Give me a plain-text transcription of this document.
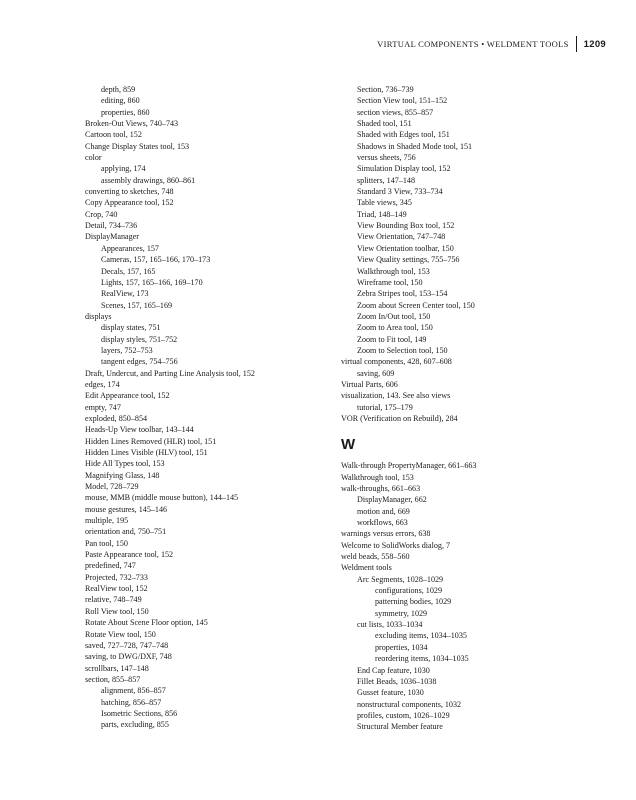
VIRTUAL COMPONENTS • WELDMENT TOOLS 1209
depth, 859
editing, 860
properties, 860
Broken-Out Views, 740–743
Cartoon tool, 152
Change Display States tool, 153
color
applying, 174
assembly drawings, 860–861
converting to sketches, 748
Copy Appearance tool, 152
Crop, 740
Detail, 734–736
DisplayManager
Appearances, 157
Cameras, 157, 165–166, 170–173
Decals, 157, 165
Lights, 157, 165–166, 169–170
RealView, 173
Scenes, 157, 165–169
displays
display states, 751
display styles, 751–752
layers, 752–753
tangent edges, 754–756
Draft, Undercut, and Parting Line Analysis tool, 152
edges, 174
Edit Appearance tool, 152
empty, 747
exploded, 850–854
Heads-Up View toolbar, 143–144
Hidden Lines Removed (HLR) tool, 151
Hidden Lines Visible (HLV) tool, 151
Hide All Types tool, 153
Magnifying Glass, 148
Model, 728–729
mouse, MMB (middle mouse button), 144–145
mouse gestures, 145–146
multiple, 195
orientation and, 750–751
Pan tool, 150
Paste Appearance tool, 152
predefined, 747
Projected, 732–733
RealView tool, 152
relative, 748–749
Roll View tool, 150
Rotate About Scene Floor option, 145
Rotate View tool, 150
saved, 727–728, 747–748
saving, to DWG/DXF, 748
scrollbars, 147–148
section, 855–857
alignment, 856–857
hatching, 856–857
Isometric Sections, 856
parts, excluding, 855
Section, 736–739
Section View tool, 151–152
section views, 855–857
Shaded tool, 151
Shaded with Edges tool, 151
Shadows in Shaded Mode tool, 151
versus sheets, 756
Simulation Display tool, 152
splitters, 147–148
Standard 3 View, 733–734
Table views, 345
Triad, 148–149
View Bounding Box tool, 152
View Orientation, 747–748
View Orientation toolbar, 150
View Quality settings, 755–756
Walkthrough tool, 153
Wireframe tool, 150
Zebra Stripes tool, 153–154
Zoom about Screen Center tool, 150
Zoom In/Out tool, 150
Zoom to Area tool, 150
Zoom to Fit tool, 149
Zoom to Selection tool, 150
virtual components, 428, 607–608
saving, 609
Virtual Parts, 606
visualization, 143. See also views
tutorial, 175–179
VOR (Verification on Rebuild), 284
W
Walk-through PropertyManager, 661–663
Walkthrough tool, 153
walk-throughs, 661–663
DisplayManager, 662
motion and, 669
workflows, 663
warnings versus errors, 638
Welcome to SolidWorks dialog, 7
weld beads, 558–560
Weldment tools
Arc Segments, 1028–1029
configurations, 1029
patterning bodies, 1029
symmetry, 1029
cut lists, 1033–1034
excluding items, 1034–1035
properties, 1034
reordering items, 1034–1035
End Cap feature, 1030
Fillet Beads, 1036–1038
Gusset feature, 1030
nonstructural components, 1032
profiles, custom, 1026–1029
Structural Member feature
